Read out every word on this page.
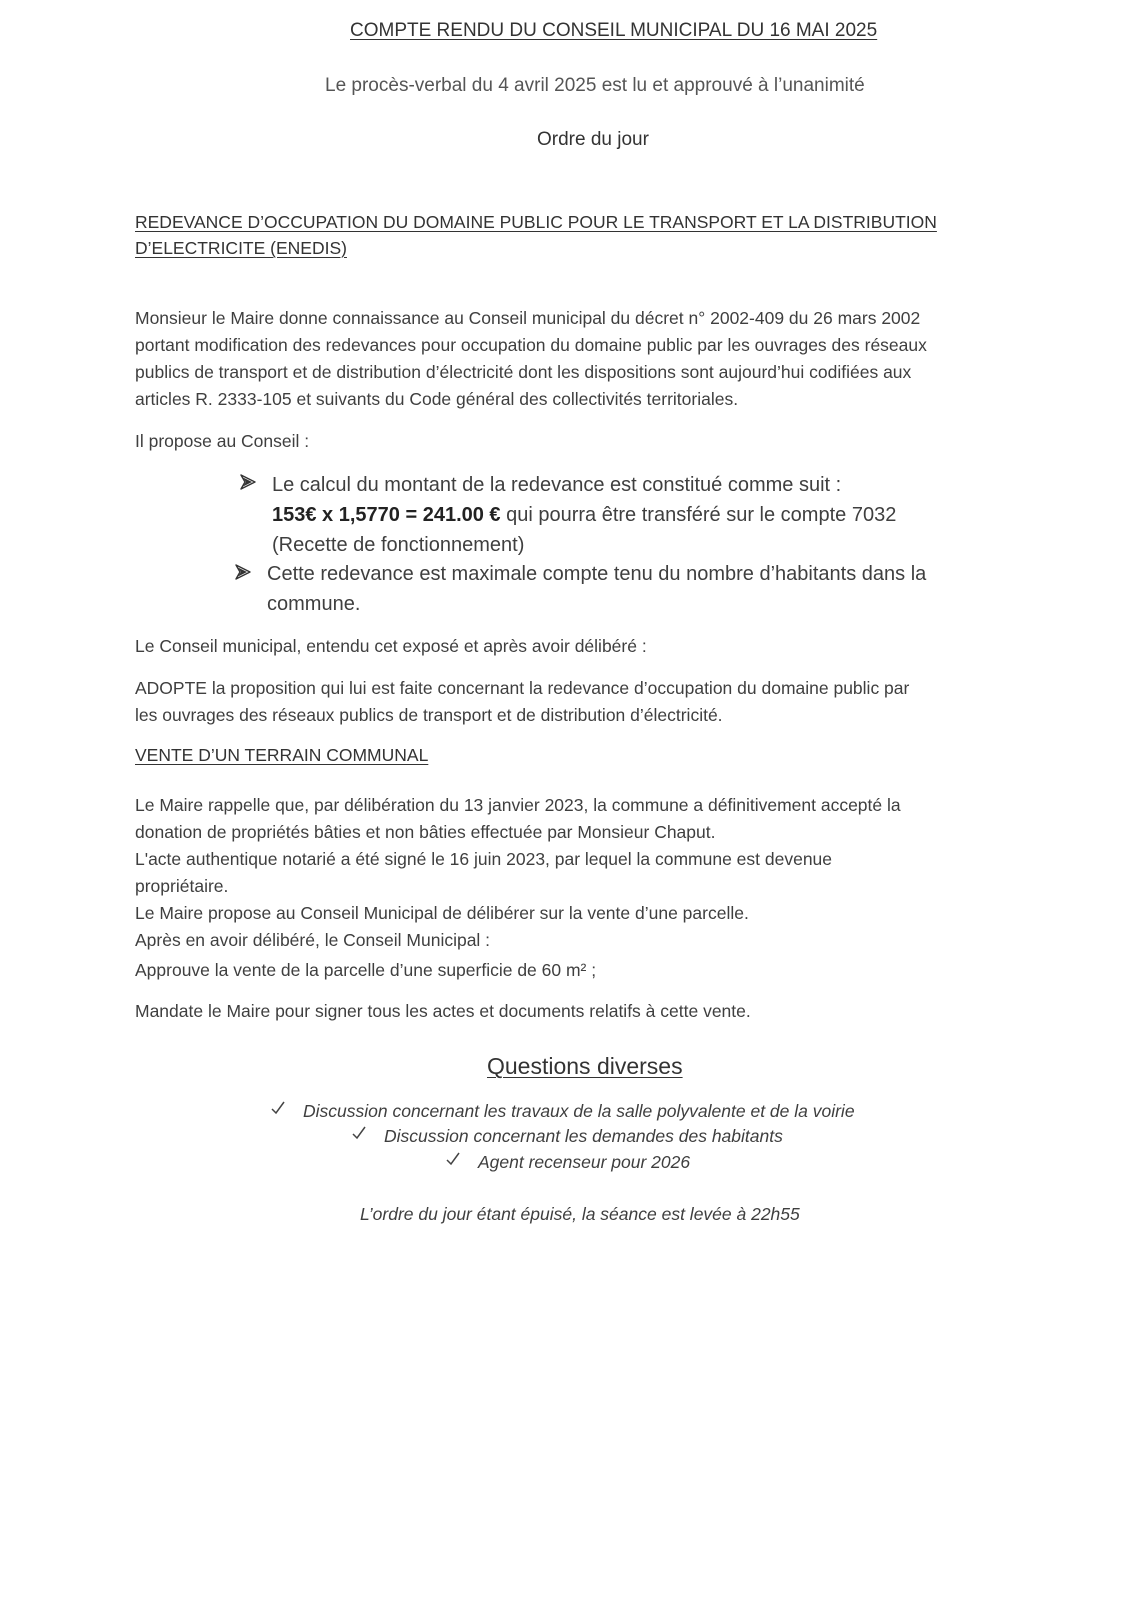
COMPTE RENDU DU CONSEIL MUNICIPAL DU 16 MAI 2025

Le procès-verbal du 4 avril 2025 est lu et approuvé à l’unanimité

Ordre du jour

REDEVANCE D’OCCUPATION DU DOMAINE PUBLIC POUR LE TRANSPORT ET LA DISTRIBUTION

D’ELECTRICITE (ENEDIS)

Monsieur le Maire donne connaissance au Conseil municipal du décret n° 2002-409 du 26 mars 2002

portant modification des redevances pour occupation du domaine public par les ouvrages des réseaux

publics de transport et de distribution d’électricité dont les dispositions sont aujourd’hui codifiées aux

articles R. 2333-105 et suivants du Code général des collectivités territoriales.

Il propose au Conseil :

Le calcul du montant de la redevance est constitué comme suit :

153€ x 1,5770 = 241.00 € qui pourra être transféré sur le compte 7032

(Recette de fonctionnement)

Cette redevance est maximale compte tenu du nombre d’habitants dans la

commune.

Le Conseil municipal, entendu cet exposé et après avoir délibéré :

ADOPTE la proposition qui lui est faite concernant la redevance d’occupation du domaine public par

les ouvrages des réseaux publics de transport et de distribution d’électricité.

VENTE D’UN TERRAIN COMMUNAL

Le Maire rappelle que, par délibération du 13 janvier 2023, la commune a définitivement accepté la

donation de propriétés bâties et non bâties effectuée par Monsieur Chaput.

L'acte authentique notarié a été signé le 16 juin 2023, par lequel la commune est devenue

propriétaire.

Le Maire propose au Conseil Municipal de délibérer sur la vente d’une parcelle.

Après en avoir délibéré, le Conseil Municipal :

Approuve la vente de la parcelle d’une superficie de 60 m² ;

Mandate le Maire pour signer tous les actes et documents relatifs à cette vente.

Questions diverses

Discussion concernant les travaux de la salle polyvalente et de la voirie

Discussion concernant les demandes des habitants

Agent recenseur pour 2026

L’ordre du jour étant épuisé, la séance est levée à 22h55
